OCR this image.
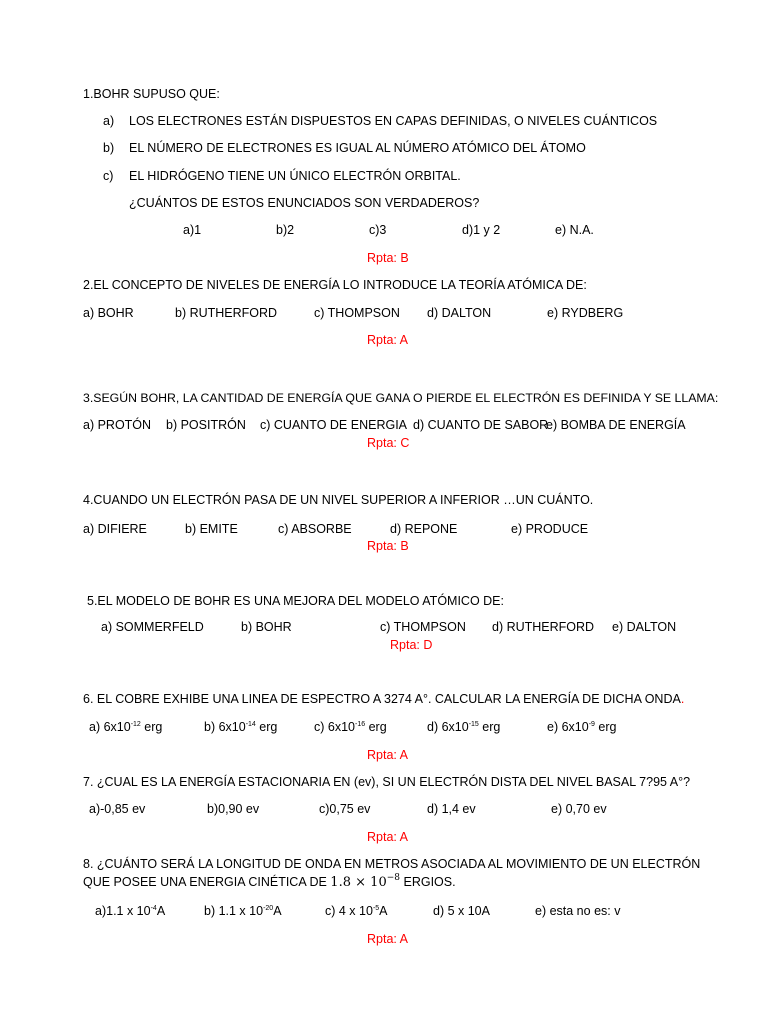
1.BOHR SUPUSO QUE:
a) LOS ELECTRONES ESTÁN DISPUESTOS EN CAPAS DEFINIDAS, O NIVELES CUÁNTICOS
b) EL NÚMERO DE ELECTRONES ES IGUAL AL NÚMERO ATÓMICO DEL ÁTOMO
c) EL HIDRÓGENO TIENE UN ÚNICO ELECTRÓN ORBITAL.
¿CUÁNTOS DE ESTOS ENUNCIADOS SON VERDADEROS?
a)1	b)2	c)3	d)1 y 2	e) N.A.
Rpta: B
2.EL CONCEPTO DE NIVELES DE ENERGÍA LO INTRODUCE LA TEORÍA ATÓMICA DE:
a) BOHR	b) RUTHERFORD	c) THOMPSON d) DALTON	e) RYDBERG
Rpta: A
3.SEGÚN BOHR, LA CANTIDAD DE ENERGÍA QUE GANA O PIERDE EL ELECTRÓN ES DEFINIDA Y SE LLAMA:
a) PROTÓN b) POSITRÓN c) CUANTO DE ENERGIA d) CUANTO DE SABOR
e) BOMBA DE ENERGÍA
Rpta: C
4.CUANDO UN ELECTRÓN PASA DE UN NIVEL SUPERIOR A INFERIOR …UN CUÁNTO.
a) DIFIERE	b) EMITE	c) ABSORBE	d) REPONE	e) PRODUCE
Rpta: B
5.EL MODELO DE BOHR ES UNA MEJORA DEL MODELO ATÓMICO DE:
a) SOMMERFELD	b) BOHR	c) THOMPSON d) RUTHERFORD e) DALTON
Rpta: D
6. EL COBRE EXHIBE UNA LINEA DE ESPECTRO A 3274 A°. CALCULAR LA ENERGÍA DE DICHA ONDA.
a) $6x10^{-12}$ erg	b) $6x10^{-14}$ erg	c) $6x10^{-16}$ erg	d) $6x10^{-15}$ erg	e) $6x10^{-9}$ erg
Rpta: A
7. ¿CUAL ES LA ENERGÍA ESTACIONARIA EN (ev), SI UN ELECTRÓN DISTA DEL NIVEL BASAL 7?95 A°?
a)-0,85 ev	b)0,90 ev	c)0,75 ev	d) 1,4 ev	e) 0,70 ev
Rpta: A
8. ¿CUÁNTO SERÁ LA LONGITUD DE ONDA EN METROS ASOCIADA AL MOVIMIENTO DE UN ELECTRÓN
QUE POSEE UNA ENERGIA CINÉTICA DE $1.8 \times 10^{-8}$ ERGIOS.
a)1.1 x $10^{-4}A$	b) 1.1 x $10^{-20}A$	c) 4 x $10^{-5}A$	d) 5 x 10A	e) esta no es: v
Rpta: A
